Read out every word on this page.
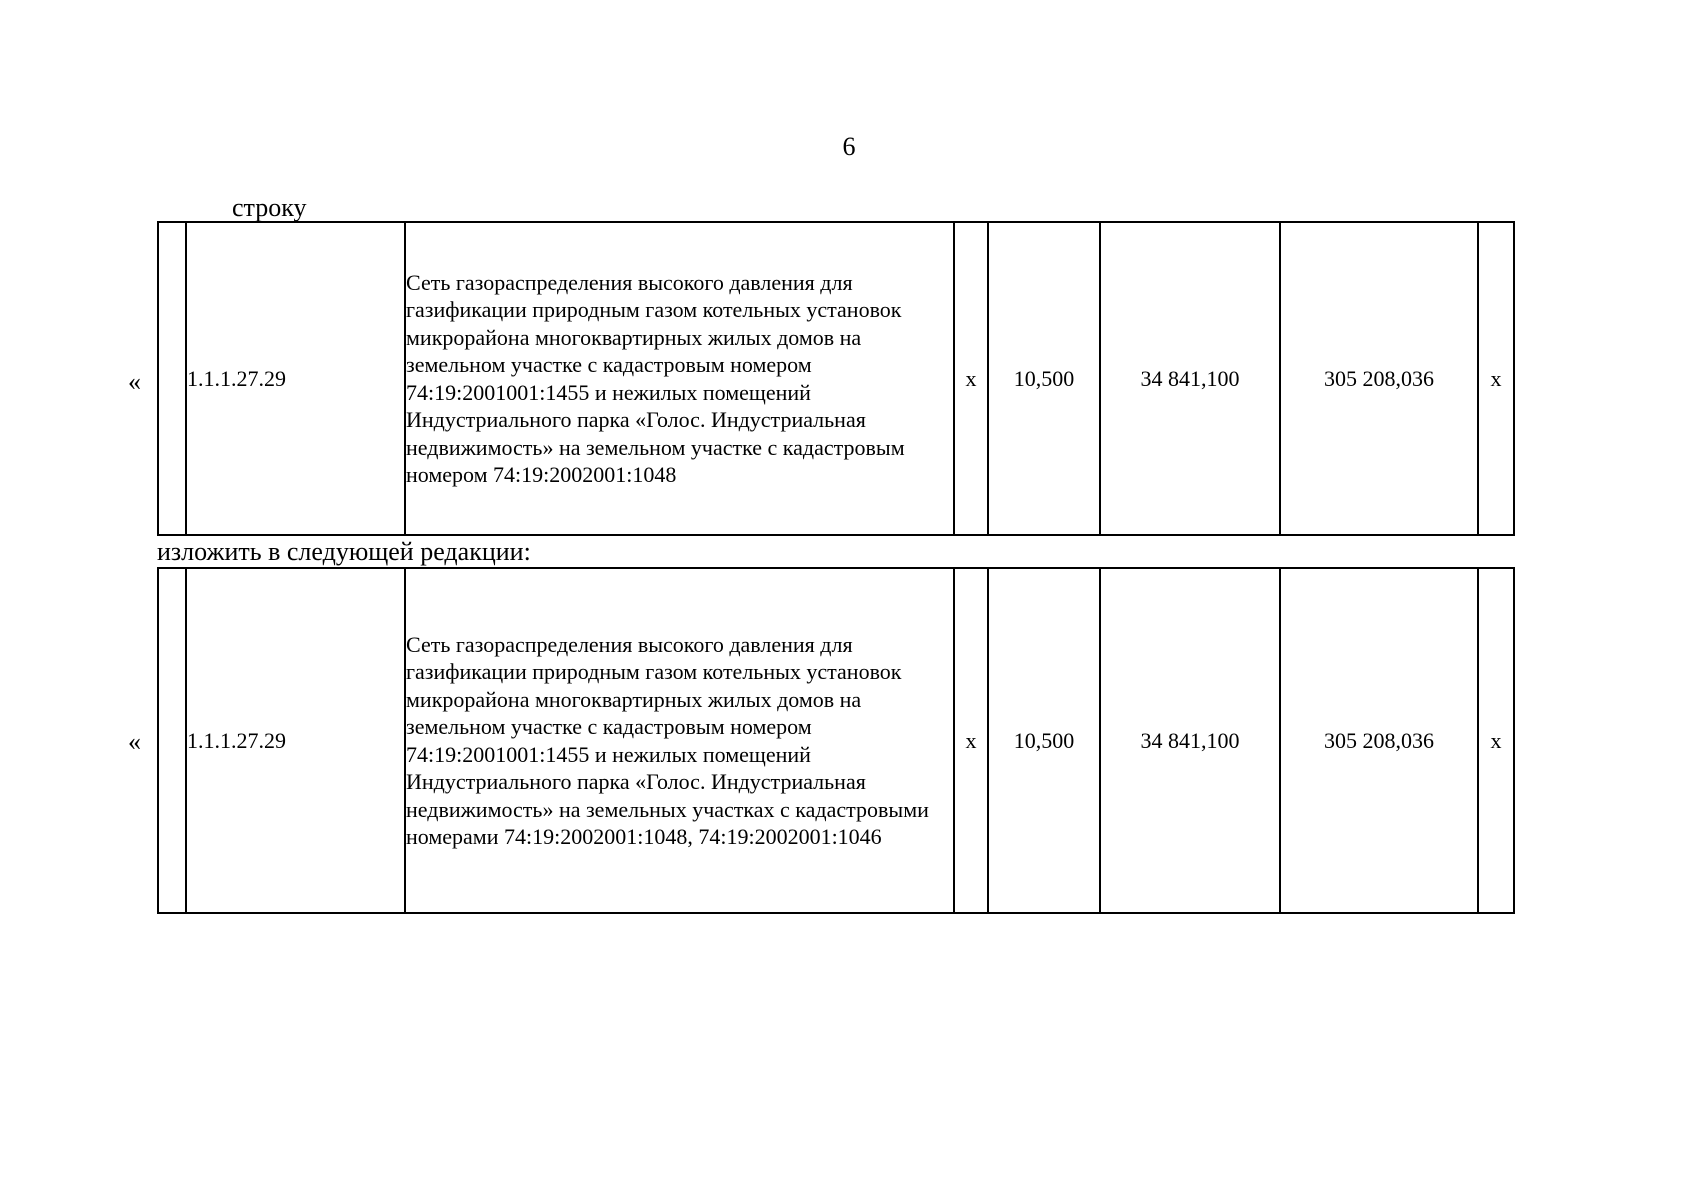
6
строку
«
	1.1.1.27.29	Сеть газораспределения высокого давления для газификации природным газом котельных установок микрорайона многоквартирных жилых домов на земельном участке с кадастровым номером 74:19:2001001:1455 и нежилых помещений Индустриального парка «Голос. Индустриальная недвижимость» на земельном участке с кадастровым номером 74:19:2002001:1048	x	10,500	34 841,100	305 208,036	x
изложить в следующей редакции:
«
	1.1.1.27.29	Сеть газораспределения высокого давления для газификации природным газом котельных установок микрорайона многоквартирных жилых домов на земельном участке с кадастровым номером 74:19:2001001:1455 и нежилых помещений Индустриального парка «Голос. Индустриальная недвижимость» на земельных участках с кадастровыми номерами 74:19:2002001:1048, 74:19:2002001:1046	x	10,500	34 841,100	305 208,036	x
